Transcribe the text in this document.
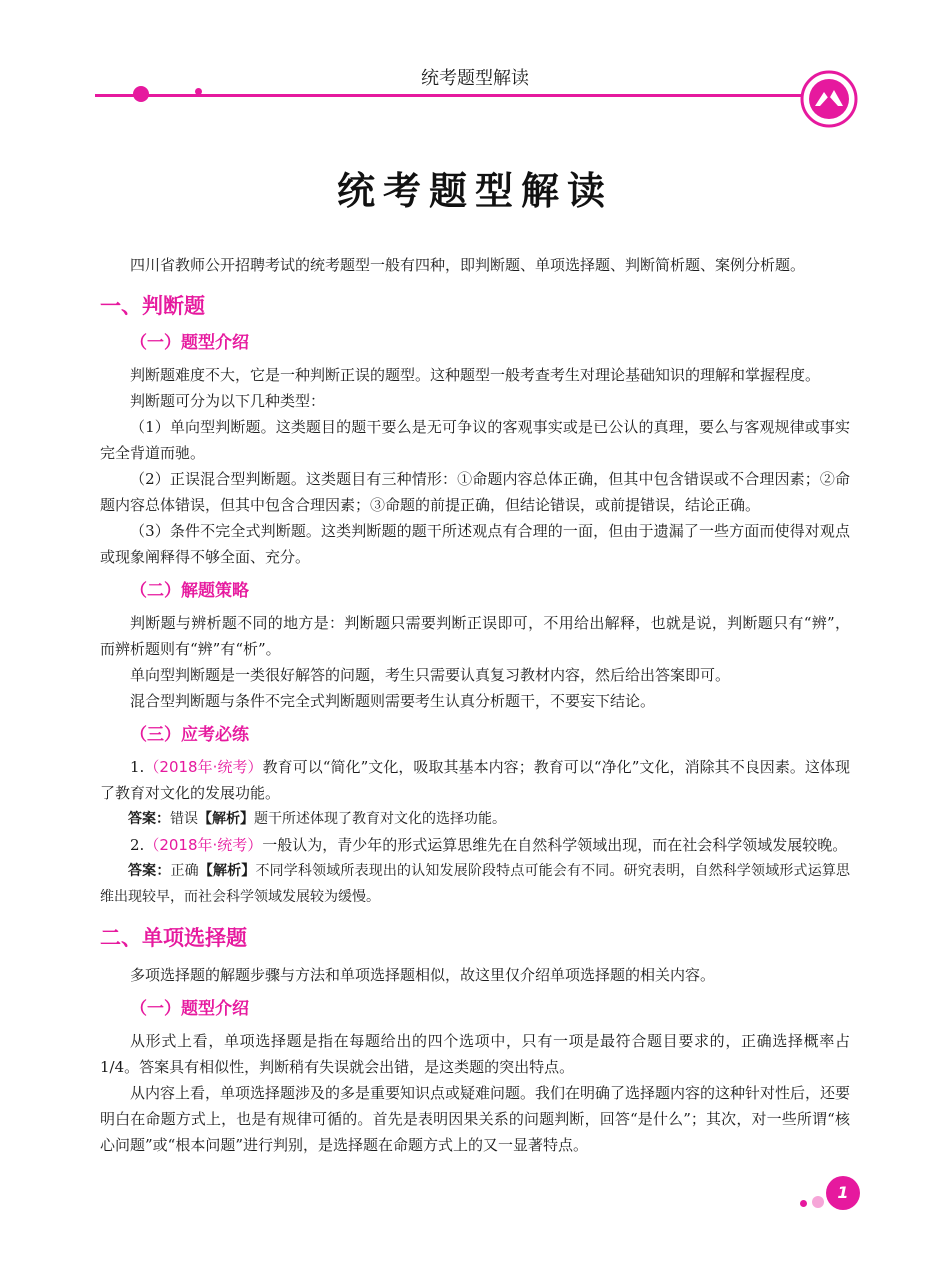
统考题型解读
统考题型解读

四川省教师公开招聘考试的统考题型一般有四种，即判断题、单项选择题、判断简析题、案例分析题。

一、判断题
（一）题型介绍

判断题难度不大，它是一种判断正误的题型。这种题型一般考查考生对理论基础知识的理解和掌握程度。

判断题可分为以下几种类型：

（1）单向型判断题。这类题目的题干要么是无可争议的客观事实或是已公认的真理，要么与客观规律或事实完全背道而驰。

（2）正误混合型判断题。这类题目有三种情形：①命题内容总体正确，但其中包含错误或不合理因素；②命题内容总体错误，但其中包含合理因素；③命题的前提正确，但结论错误，或前提错误，结论正确。

（3）条件不完全式判断题。这类判断题的题干所述观点有合理的一面，但由于遗漏了一些方面而使得对观点或现象阐释得不够全面、充分。

（二）解题策略

判断题与辨析题不同的地方是：判断题只需要判断正误即可，不用给出解释，也就是说，判断题只有“辨”，而辨析题则有“辨”有“析”。

单向型判断题是一类很好解答的问题，考生只需要认真复习教材内容，然后给出答案即可。

混合型判断题与条件不完全式判断题则需要考生认真分析题干，不要妄下结论。

（三）应考必练

1.（2018年·统考）教育可以“简化”文化，吸取其基本内容；教育可以“净化”文化，消除其不良因素。这体现了教育对文化的发展功能。

答案：错误【解析】题干所述体现了教育对文化的选择功能。

2.（2018年·统考）一般认为，青少年的形式运算思维先在自然科学领域出现，而在社会科学领域发展较晚。

答案：正确【解析】不同学科领域所表现出的认知发展阶段特点可能会有不同。研究表明，自然科学领域形式运算思维出现较早，而社会科学领域发展较为缓慢。

二、单项选择题

多项选择题的解题步骤与方法和单项选择题相似，故这里仅介绍单项选择题的相关内容。

（一）题型介绍

从形式上看，单项选择题是指在每题给出的四个选项中，只有一项是最符合题目要求的，正确选择概率占1/4。答案具有相似性，判断稍有失误就会出错，是这类题的突出特点。

从内容上看，单项选择题涉及的多是重要知识点或疑难问题。我们在明确了选择题内容的这种针对性后，还要明白在命题方式上，也是有规律可循的。首先是表明因果关系的问题判断，回答“是什么”；其次，对一些所谓“核心问题”或“根本问题”进行判别，是选择题在命题方式上的又一显著特点。

1
